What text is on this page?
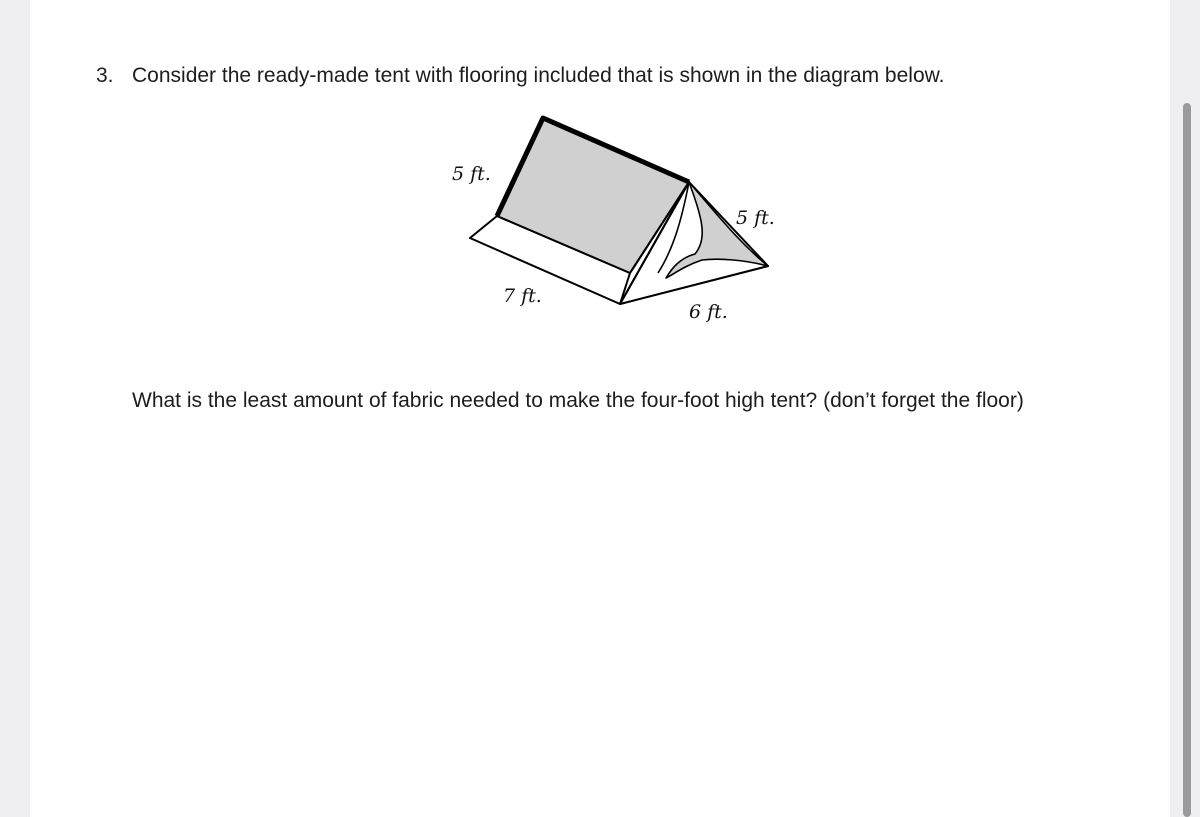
3. Consider the ready-made tent with flooring included that is shown in the diagram below.
5 ft.
5 ft.
7 ft.
6 ft.
What is the least amount of fabric needed to make the four-foot high tent? (don’t forget the floor)
